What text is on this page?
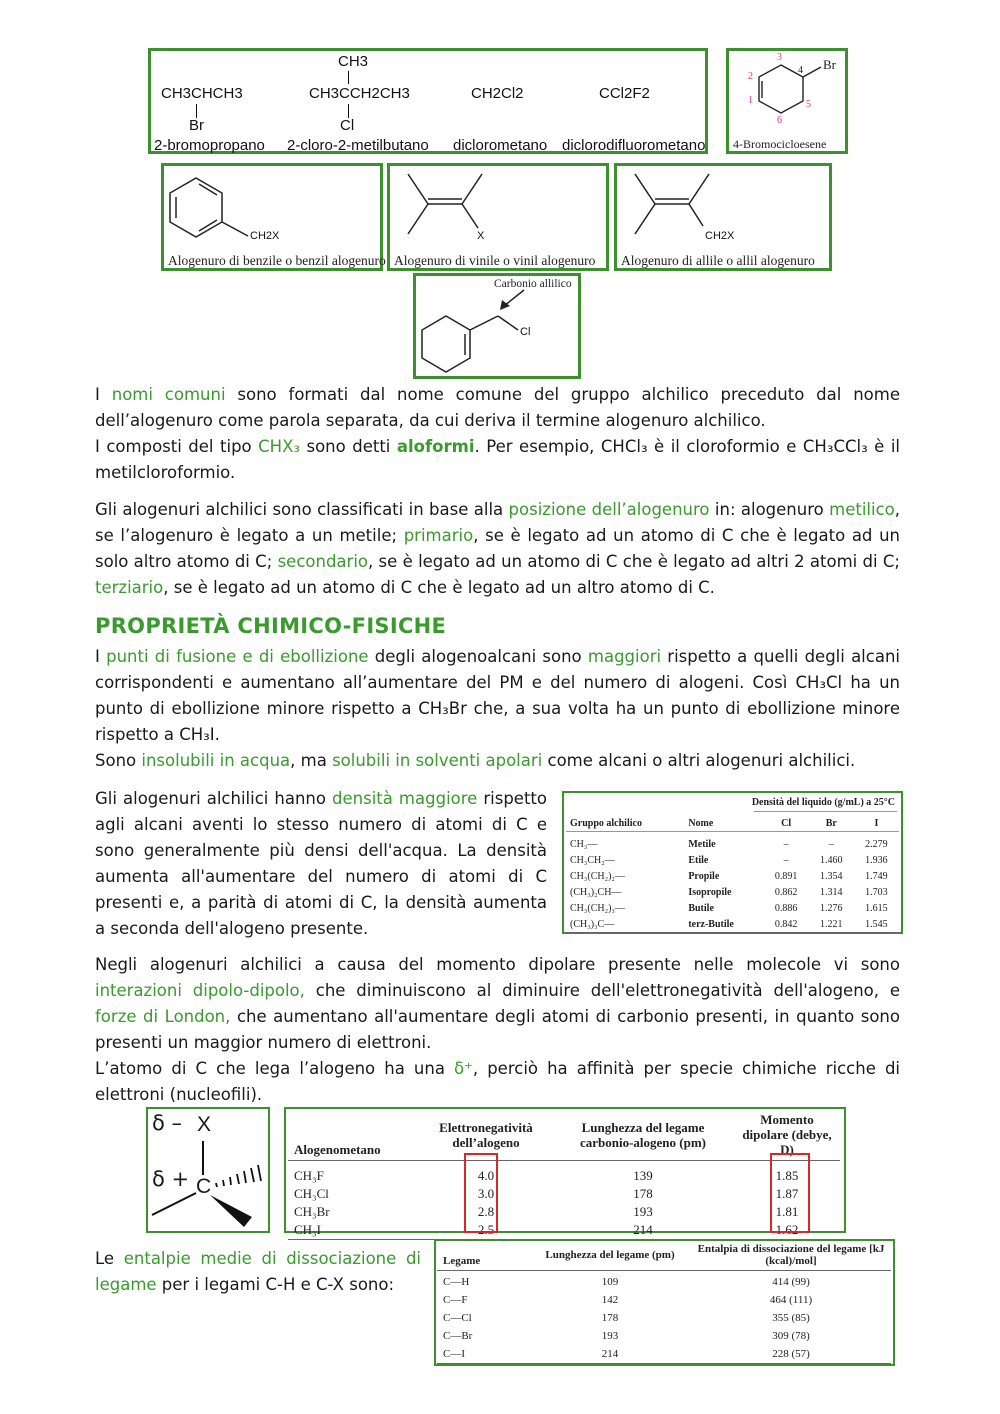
CH3CHCH3
Br
2-bromopropano
CH3
CH3CCH2CH3
Cl
2-cloro-2-metilbutano
CH2Cl2
diclorometano
CCl2F2
diclorodifluorometano
Br
1
2
3
4
5
6
4-Bromocicloesene
CH2X
Alogenuro di benzile o benzil alogenuro
X
Alogenuro di vinile o vinil alogenuro
CH2X
Alogenuro di allile o allil alogenuro
Carbonio allilico
Cl
I nomi comuni sono formati dal nome comune del gruppo alchilico preceduto dal nome dell’alogenuro come parola separata, da cui deriva il termine alogenuro alchilico.
I composti del tipo CHX₃ sono detti aloformi. Per esempio, CHCl₃ è il cloroformio e CH₃CCl₃ è il metilcloroformio.
Gli alogenuri alchilici sono classificati in base alla posizione dell’alogenuro in: alogenuro metilico, se l’alogenuro è legato a un metile; primario, se è legato ad un atomo di C che è legato ad un solo altro atomo di C; secondario, se è legato ad un atomo di C che è legato ad altri 2 atomi di C; terziario, se è legato ad un atomo di C che è legato ad un altro atomo di C.
PROPRIETÀ CHIMICO-FISICHE
I punti di fusione e di ebollizione degli alogenoalcani sono maggiori rispetto a quelli degli alcani corrispondenti e aumentano all’aumentare del PM e del numero di alogeni. Così CH₃Cl ha un punto di ebollizione minore rispetto a CH₃Br che, a sua volta ha un punto di ebollizione minore rispetto a CH₃I.
Sono insolubili in acqua, ma solubili in solventi apolari come alcani o altri alogenuri alchilici.
Gli alogenuri alchilici hanno densità maggiore rispetto agli alcani aventi lo stesso numero di atomi di C e sono generalmente più densi dell'acqua. La densità aumenta all'aumentare del numero di atomi di C presenti e, a parità di atomi di C, la densità aumenta a seconda dell'alogeno presente.
Densità del liquido (g/mL) a 25°C
Gruppo alchilico	Nome	Cl	Br	I

CH₃—	Metile	–	–	2.279
CH₃CH₂—	Etile	–	1.460	1.936
CH₃(CH₂)₂—	Propile	0.891	1.354	1.749
(CH₃)₂CH—	Isopropile	0.862	1.314	1.703
CH₃(CH₂)₃—	Butile	0.886	1.276	1.615
(CH₃)₃C—	terz-Butile	0.842	1.221	1.545
Negli alogenuri alchilici a causa del momento dipolare presente nelle molecole vi sono interazioni dipolo-dipolo, che diminuiscono al diminuire dell'elettronegatività dell'alogeno, e forze di London, che aumentano all'aumentare degli atomi di carbonio presenti, in quanto sono presenti un maggior numero di elettroni.
L’atomo di C che lega l’alogeno ha una δ⁺, perciò ha affinità per specie chimiche ricche di elettroni (nucleofili).
δ – X
δ + C
Alogenometano	Elettronegatività dell’alogeno	Lunghezza del legame carbonio-alogeno (pm)	Momento dipolare (debye, D)

CH₃F	4.0	139	1.85
CH₃Cl	3.0	178	1.87
CH₃Br	2.8	193	1.81
CH₃I	2.5	214	1.62
Le entalpie medie di dissociazione di legame per i legami C-H e C-X sono:
Legame	Lunghezza del legame (pm)	Entalpia di dissociazione del legame [kJ (kcal)/mol]

C—H	109	414 (99)
C—F	142	464 (111)
C—Cl	178	355 (85)
C—Br	193	309 (78)
C—I	214	228 (57)
